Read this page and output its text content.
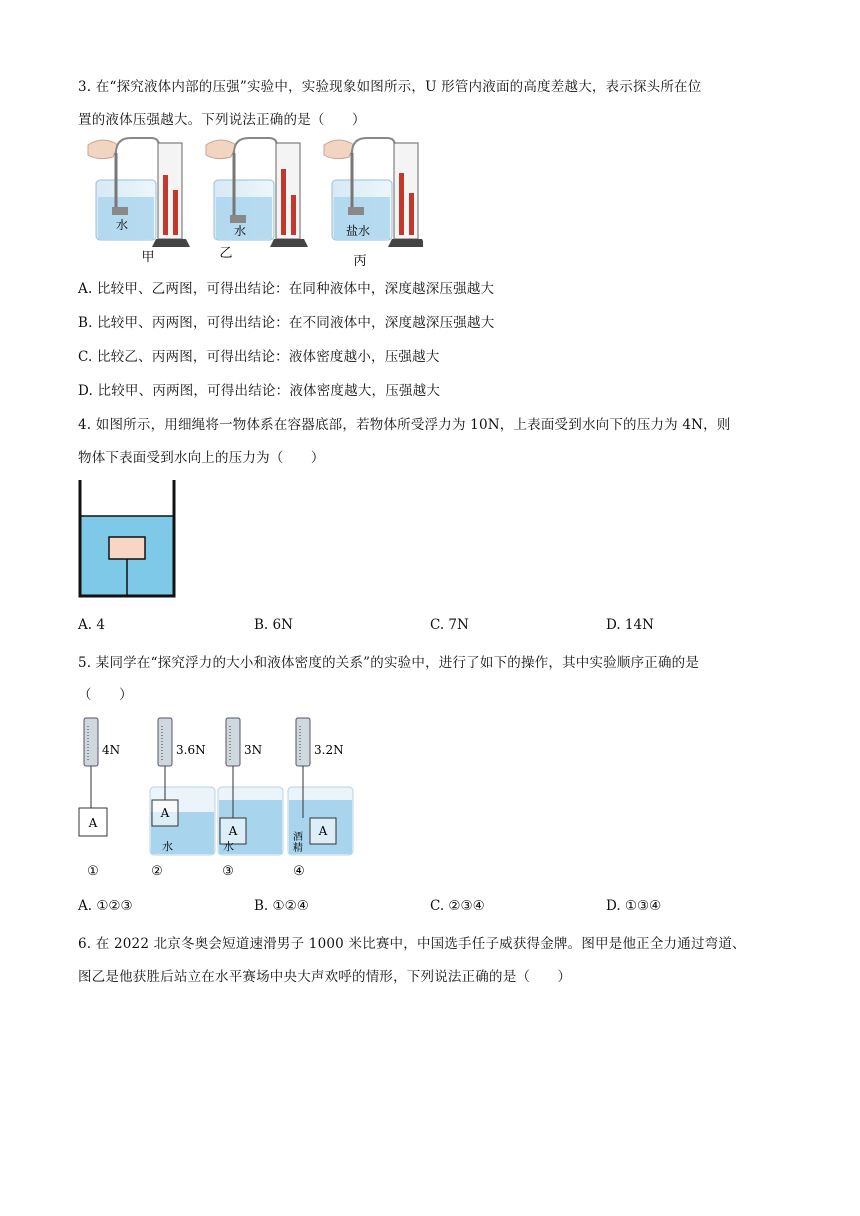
3. 在“探究液体内部的压强”实验中，实验现象如图所示，U 形管内液面的高度差越大，表示探头所在位
置的液体压强越大。下列说法正确的是（　　）
水
甲
水
乙
盐水
丙
A. 比较甲、乙两图，可得出结论：在同种液体中，深度越深压强越大
B. 比较甲、丙两图，可得出结论：在不同液体中，深度越深压强越大
C. 比较乙、丙两图，可得出结论：液体密度越小，压强越大
D. 比较甲、丙两图，可得出结论：液体密度越大，压强越大
4. 如图所示，用细绳将一物体系在容器底部，若物体所受浮力为 10N，上表面受到水向下的压力为 4N，则
物体下表面受到水向上的压力为（　　）
A. 4	B. 6N	C. 7N	D. 14N
5. 某同学在“探究浮力的大小和液体密度的关系”的实验中，进行了如下的操作，其中实验顺序正确的是
（　　）
A
4N
①
A
3.6N
水
②
A
3N
水
③
A
3.2N
酒精
④
A. ①②③	B. ①②④	C. ②③④	D. ①③④
6. 在 2022 北京冬奥会短道速滑男子 1000 米比赛中，中国选手任子威获得金牌。图甲是他正全力通过弯道、
图乙是他获胜后站立在水平赛场中央大声欢呼的情形，下列说法正确的是（　　）
